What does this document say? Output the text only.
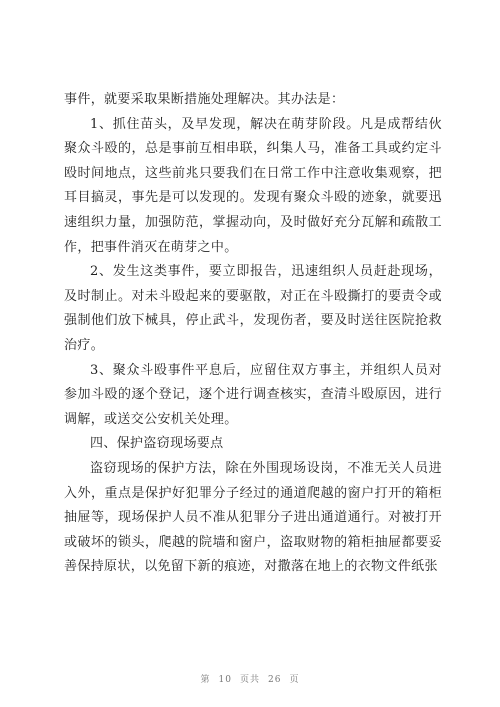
事件，就要采取果断措施处理解决。其办法是：

1、抓住苗头，及早发现，解决在萌芽阶段。凡是成帮结伙聚众斗殴的，总是事前互相串联，纠集人马，准备工具或约定斗殴时间地点，这些前兆只要我们在日常工作中注意收集观察，把耳目搞灵，事先是可以发现的。发现有聚众斗殴的迹象，就要迅速组织力量，加强防范，掌握动向，及时做好充分瓦解和疏散工作，把事件消灭在萌芽之中。

2、发生这类事件，要立即报告，迅速组织人员赶赴现场，及时制止。对未斗殴起来的要驱散，对正在斗殴撕打的要责令或强制他们放下械具，停止武斗，发现伤者，要及时送往医院抢救治疗。

3、聚众斗殴事件平息后，应留住双方事主，并组织人员对参加斗殴的逐个登记，逐个进行调查核实，查清斗殴原因，进行调解，或送交公安机关处理。

四、保护盗窃现场要点

盗窃现场的保护方法，除在外围现场设岗，不准无关人员进入外，重点是保护好犯罪分子经过的通道爬越的窗户打开的箱柜抽屉等，现场保护人员不准从犯罪分子进出通道通行。对被打开或破坏的锁头，爬越的院墙和窗户，盗取财物的箱柜抽屉都要妥善保持原状，以免留下新的痕迹，对撒落在地上的衣物文件纸张

第 10 页共 26 页
